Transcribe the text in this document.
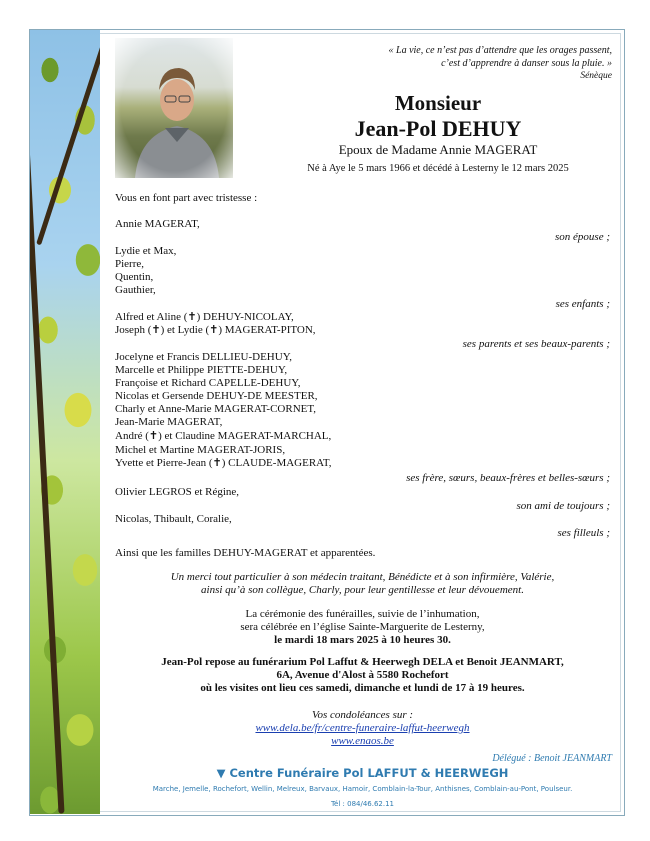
« La vie, ce n’est pas d’attendre que les orages passent,
c’est d’apprendre à danser sous la pluie. »
Sénèque
Monsieur
Jean-Pol DEHUY
Epoux de Madame Annie MAGERAT
Né à Aye le 5 mars 1966 et décédé à Lesterny le 12 mars 2025
Vous en font part avec tristesse :
Annie MAGERAT,
son épouse ;
Lydie et Max,
Pierre,
Quentin,
Gauthier,
ses enfants ;
Alfred et Aline (✝) DEHUY-NICOLAY,
Joseph (✝) et Lydie (✝) MAGERAT-PITON,
ses parents et ses beaux-parents ;
Jocelyne et Francis DELLIEU-DEHUY,
Marcelle et Philippe PIETTE-DEHUY,
Françoise et Richard CAPELLE-DEHUY,
Nicolas et Gersende DEHUY-DE MEESTER,
Charly et Anne-Marie MAGERAT-CORNET,
Jean-Marie MAGERAT,
André (✝) et Claudine MAGERAT-MARCHAL,
Michel et Martine MAGERAT-JORIS,
Yvette et Pierre-Jean (✝) CLAUDE-MAGERAT,
ses frère, sœurs, beaux-frères et belles-sœurs ;
Olivier LEGROS et Régine,
son ami de toujours ;
Nicolas, Thibault, Coralie,
ses filleuls ;
Ainsi que les familles DEHUY-MAGERAT et apparentées.
Un merci tout particulier à son médecin traitant, Bénédicte et à son infirmière, Valérie,
ainsi qu’à son collègue, Charly, pour leur gentillesse et leur dévouement.
La cérémonie des funérailles, suivie de l’inhumation,
sera célébrée en l’église Sainte-Marguerite de Lesterny,
le mardi 18 mars 2025 à 10 heures 30.
Jean-Pol repose au funérarium Pol Laffut & Heerwegh DELA et Benoit JEANMART,
6A, Avenue d'Alost à 5580 Rochefort
où les visites ont lieu ces samedi, dimanche et lundi de 17 à 19 heures.
Vos condoléances sur :
www.dela.be/fr/centre-funeraire-laffut-heerwegh
www.enaos.be
Délégué : Benoit JEANMART
▼ Centre Funéraire Pol LAFFUT & HEERWEGH
Marche, Jemelle, Rochefort, Wellin, Melreux, Barvaux, Hamoir, Comblain-la-Tour, Anthisnes, Comblain-au-Pont, Poulseur.
Tél : 084/46.62.11
